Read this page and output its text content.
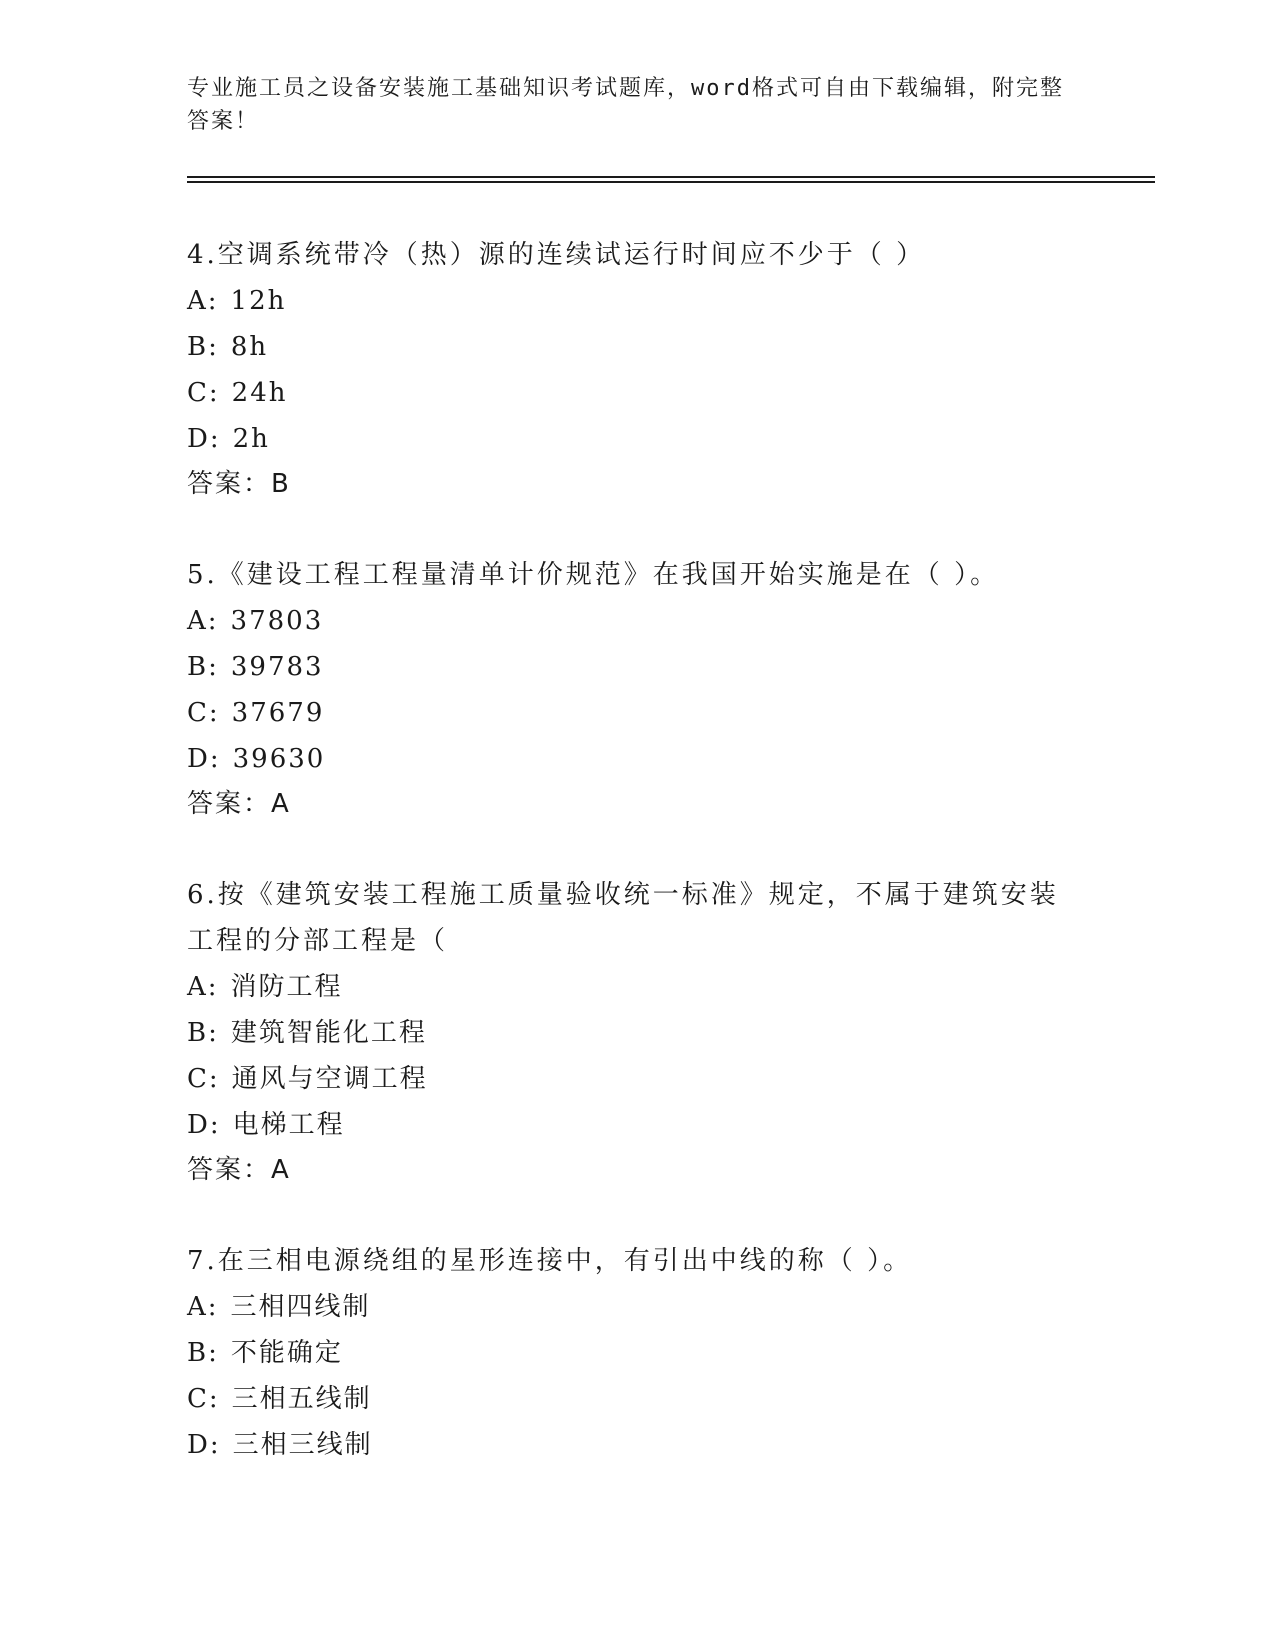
专业施工员之设备安装施工基础知识考试题库，word格式可自由下载编辑，附完整答案！

4.空调系统带冷（热）源的连续试运行时间应不少于（ ）

A: 12h

B: 8h

C: 24h

D: 2h

答案：B

5.《建设工程工程量清单计价规范》在我国开始实施是在（ ）。

A: 37803

B: 39783

C: 37679

D: 39630

答案：A

6.按《建筑安装工程施工质量验收统一标准》规定，不属于建筑安装工程的分部工程是（

A: 消防工程

B: 建筑智能化工程

C: 通风与空调工程

D: 电梯工程

答案：A

7.在三相电源绕组的星形连接中，有引出中线的称（ ）。

A: 三相四线制

B: 不能确定

C: 三相五线制

D: 三相三线制
